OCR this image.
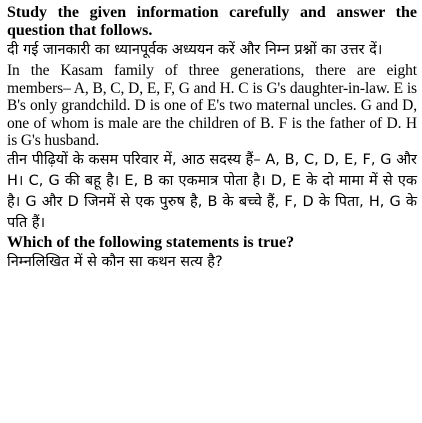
Study the given information carefully and answer the question that follows.

दी गई जानकारी का ध्यानपूर्वक अध्ययन करें और निम्न प्रश्नों का उत्तर दें।

In the Kasam family of three generations, there are eight members– A, B, C, D, E, F, G and H. C is G's daughter-in-law. E is B's only grandchild. D is one of E's two maternal uncles. G and D, one of whom is male are the children of B. F is the father of D. H is G's husband.

तीन पीढ़ियों के कसम परिवार में, आठ सदस्य हैं– A, B, C, D, E, F, G और H। C, G की बहू है। E, B का एकमात्र पोता है। D, E के दो मामा में से एक है। G और D जिनमें से एक पुरुष है, B के बच्चे हैं, F, D के पिता, H, G के पति हैं।

Which of the following statements is true?

निम्नलिखित में से कौन सा कथन सत्य है?
